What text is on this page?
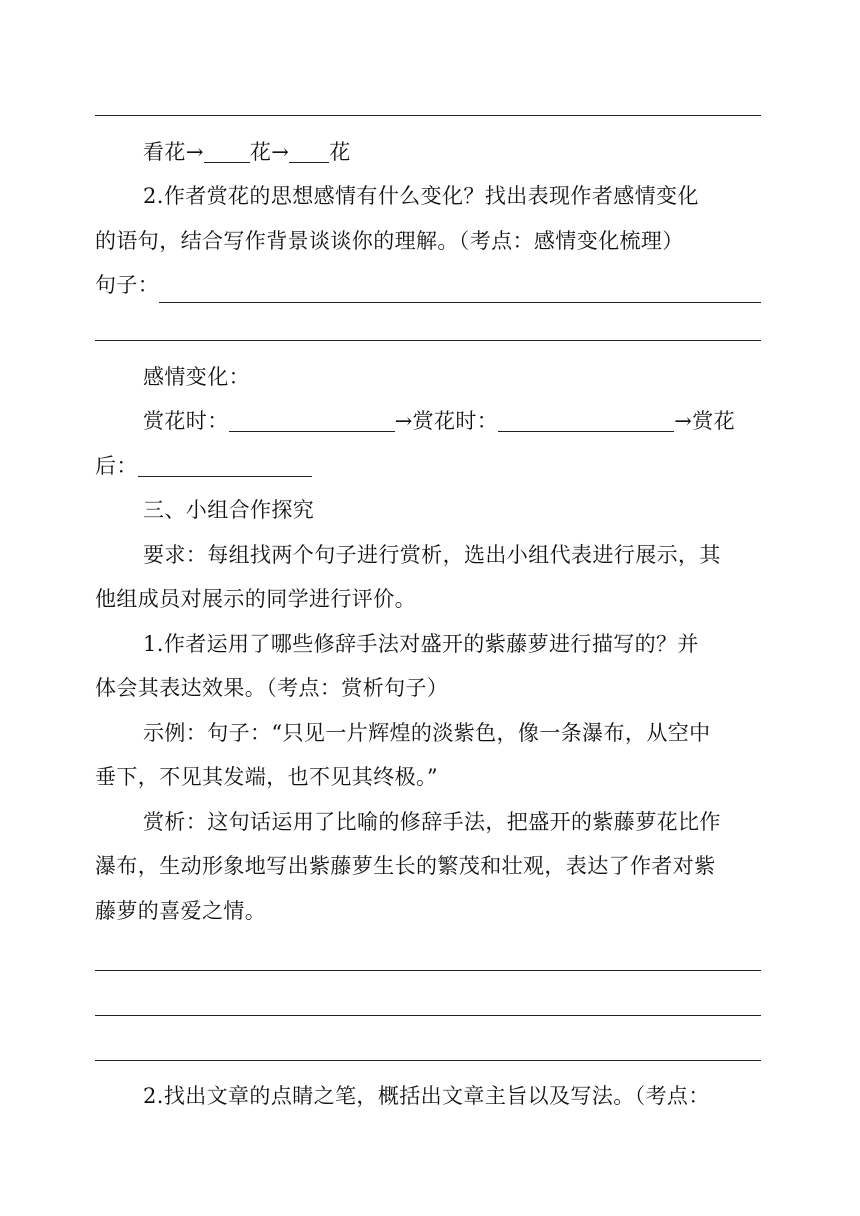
看花→ 花→ 花
2.作者赏花的思想感情有什么变化？找出表现作者感情变化
的语句，结合写作背景谈谈你的理解。（考点：感情变化梳理）
句子：
感情变化：
赏花时：	→赏花时：	→赏花
后：
三、小组合作探究
要求：每组找两个句子进行赏析，选出小组代表进行展示，其
他组成员对展示的同学进行评价。
1.作者运用了哪些修辞手法对盛开的紫藤萝进行描写的？并
体会其表达效果。（考点：赏析句子）
示例：句子：“只见一片辉煌的淡紫色，像一条瀑布，从空中
垂下，不见其发端，也不见其终极。”
赏析：这句话运用了比喻的修辞手法，把盛开的紫藤萝花比作
瀑布，生动形象地写出紫藤萝生长的繁茂和壮观，表达了作者对紫
藤萝的喜爱之情。
2.找出文章的点睛之笔，概括出文章主旨以及写法。（考点：
